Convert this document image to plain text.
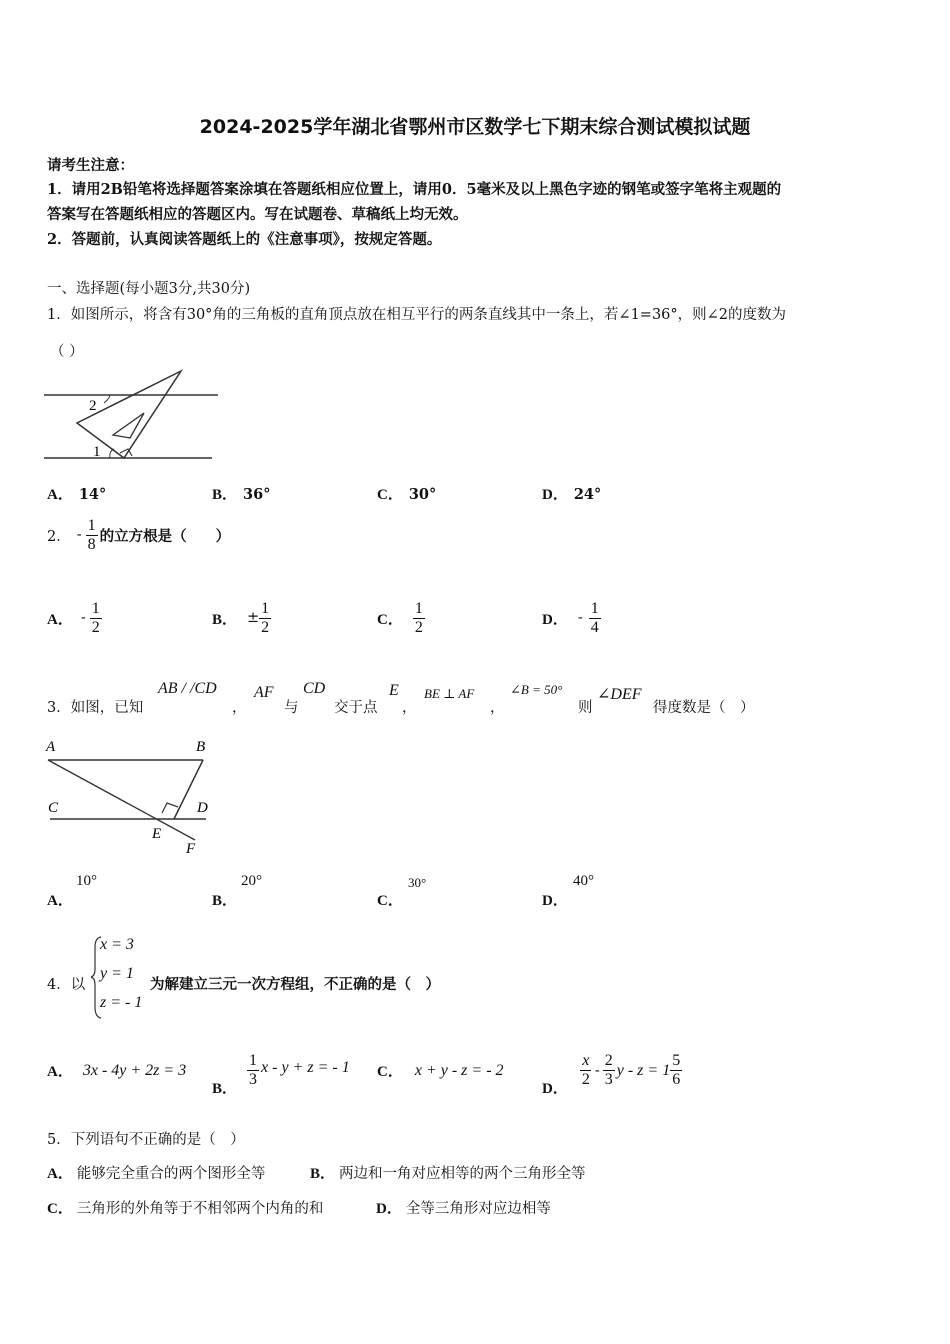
2024-2025学年湖北省鄂州市区数学七下期末综合测试模拟试题
请考生注意：
1．请用2B铅笔将选择题答案涂填在答题纸相应位置上，请用0．5毫米及以上黑色字迹的钢笔或签字笔将主观题的
答案写在答题纸相应的答题区内。写在试题卷、草稿纸上均无效。
2．答题前，认真阅读答题纸上的《注意事项》，按规定答题。
一、选择题(每小题3分,共30分)
1．如图所示，将含有30°角的三角板的直角顶点放在相互平行的两条直线其中一条上，若∠1=36°，则∠2的度数为
（ ）
2
1
A． 14°	B． 36°	C． 30°	D． 24°
2． - $\frac{1}{8}$ 的立方根是（　　）
A． - $\frac{1}{2}$	B． ± $\frac{1}{2}$	C． $\frac{1}{2}$	D． - $\frac{1}{4}$
3．如图，已知
AB / /CD
，
AF
与
CD
交于点
E
，
BE ⊥ AF
，
∠B = 50°
则
∠DEF
得度数是（　）
A	B
C	D
E
F
A．
10°
B．
20°
C．
30°
D．
40°
4．以
x = 3
y = 1
z = - 1
为解建立三元一次方程组，不正确的是（　）
A． 3x - 4y + 2z = 3
B．
$\frac{1}{3}$ x - y + z = - 1 C． x + y - z = - 2
D．
$\frac{x}{2} - \frac{2}{3}$ $y - z = 1 \frac{5}{6}$
5．下列语句不正确的是（　）
A． 能够完全重合的两个图形全等	B． 两边和一角对应相等的两个三角形全等
C． 三角形的外角等于不相邻两个内角的和	D． 全等三角形对应边相等
